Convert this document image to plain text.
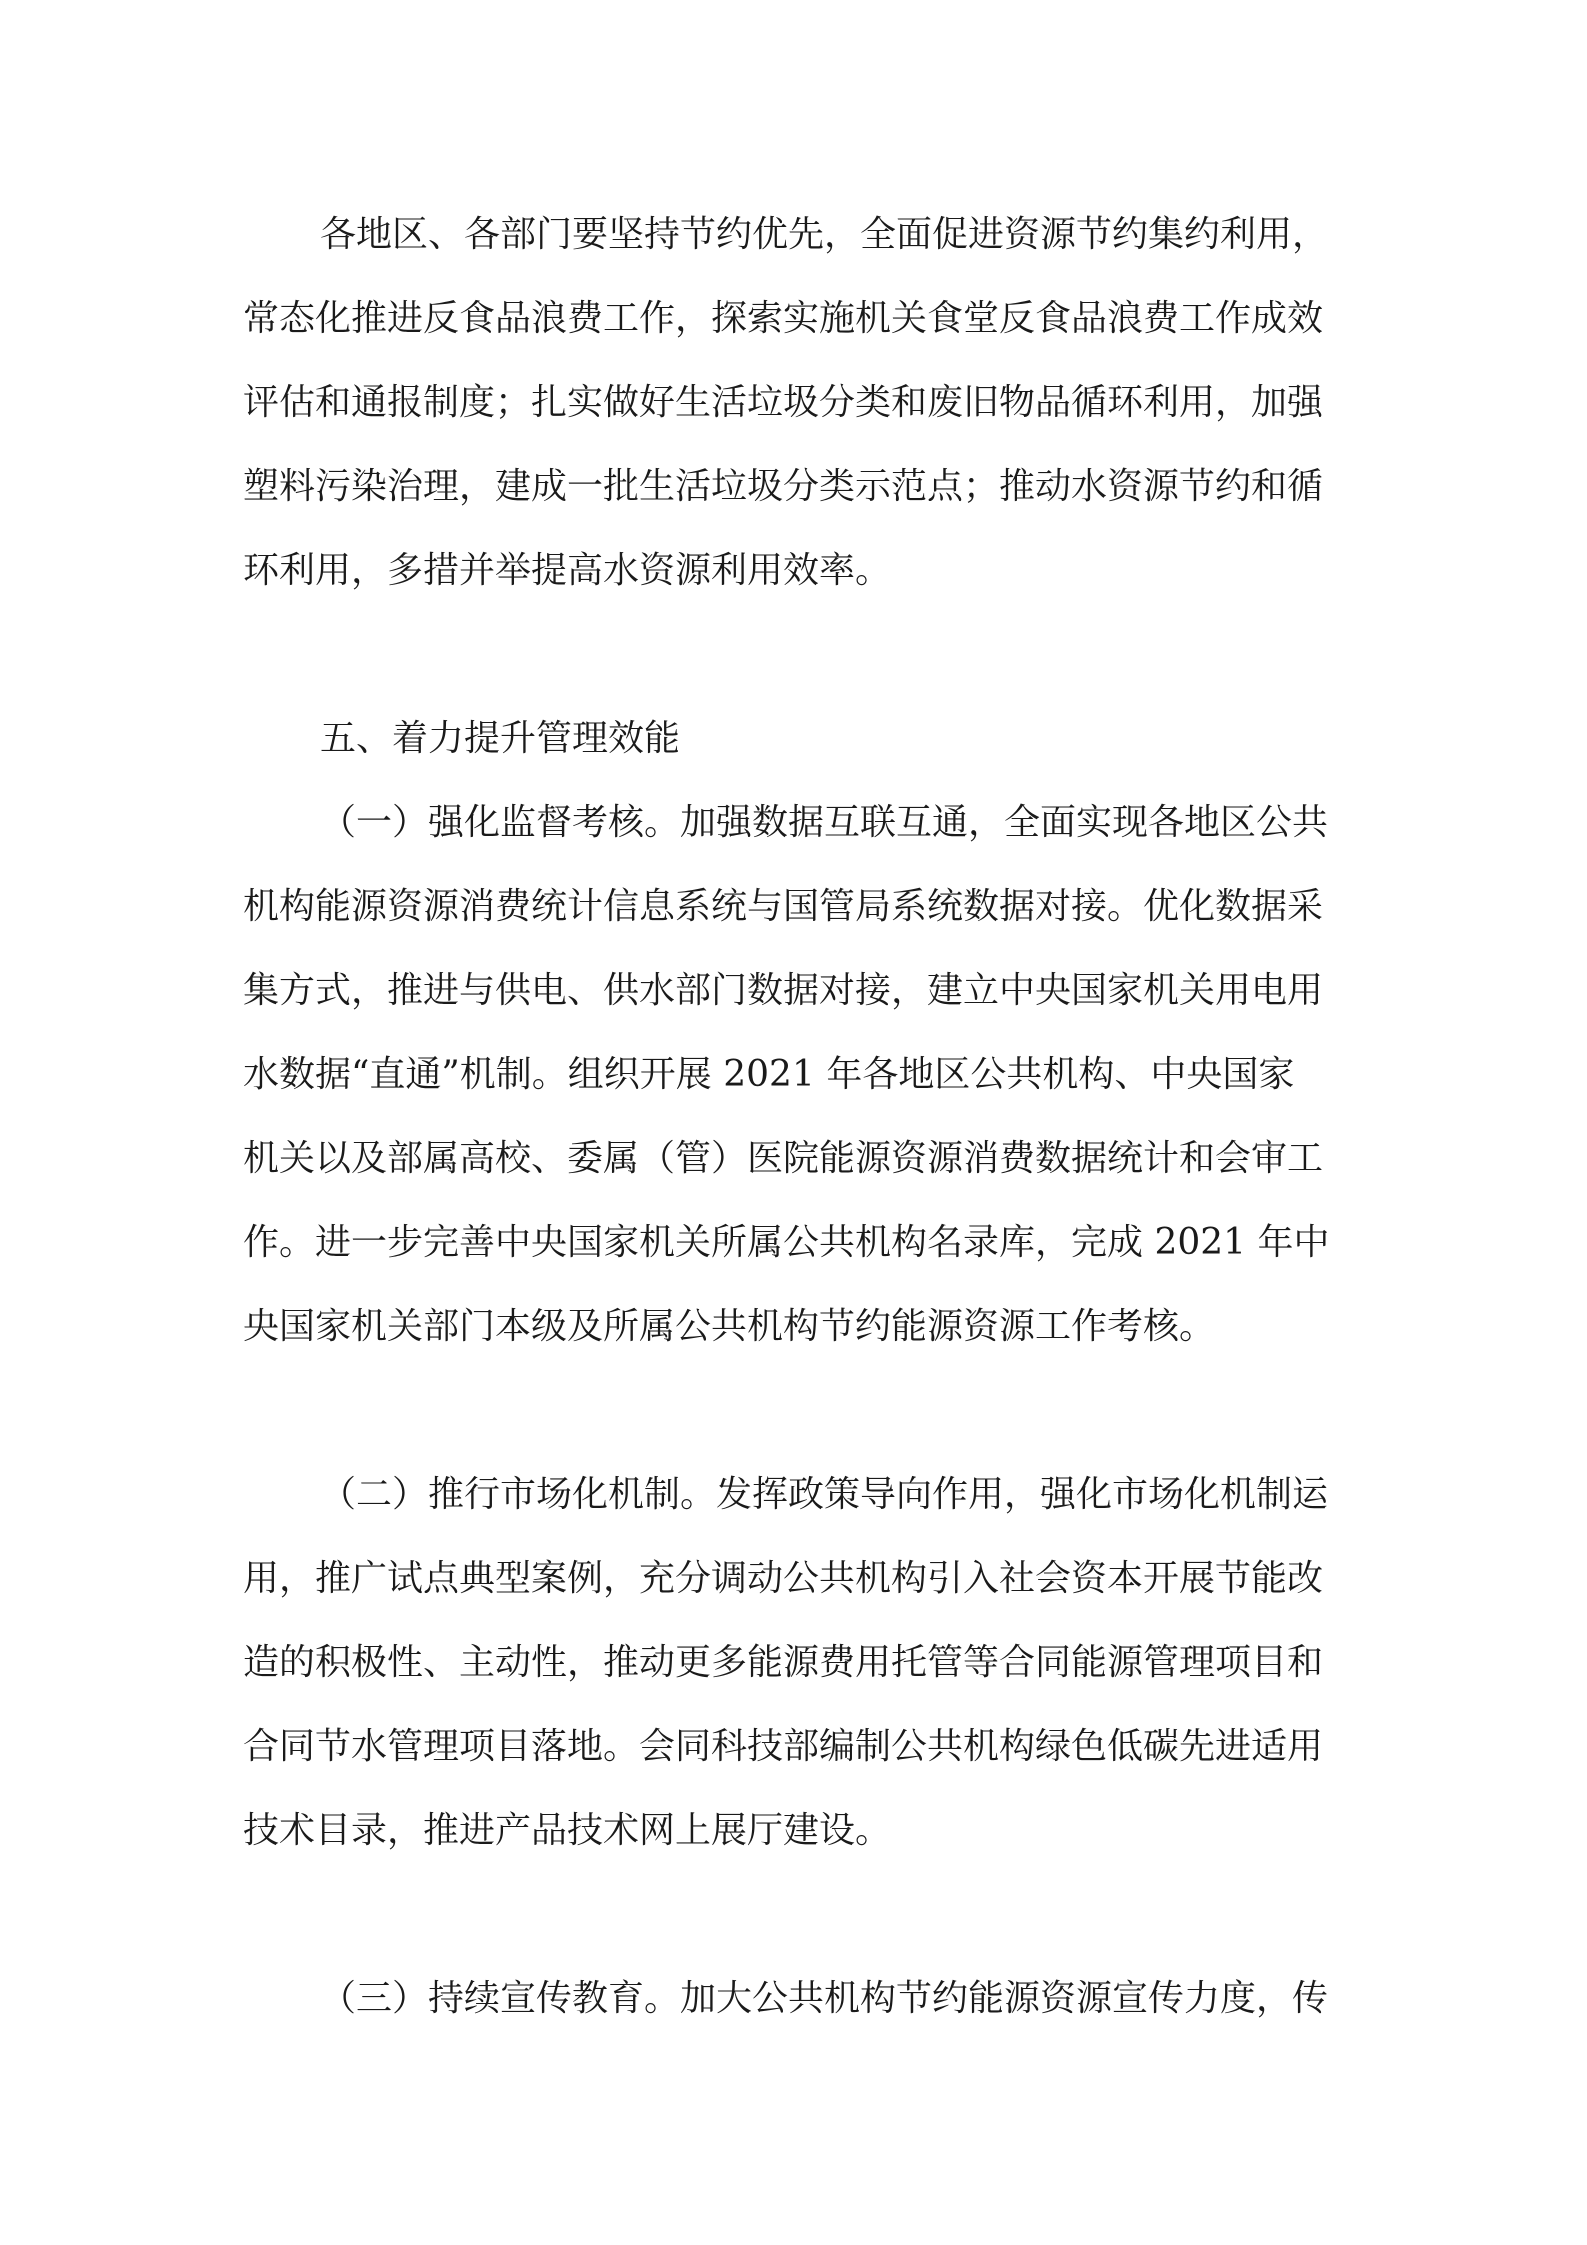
各地区、各部门要坚持节约优先，全面促进资源节约集约利用，

常态化推进反食品浪费工作，探索实施机关食堂反食品浪费工作成效

评估和通报制度；扎实做好生活垃圾分类和废旧物品循环利用，加强

塑料污染治理，建成一批生活垃圾分类示范点；推动水资源节约和循

环利用，多措并举提高水资源利用效率。

五、着力提升管理效能

（一）强化监督考核。加强数据互联互通，全面实现各地区公共

机构能源资源消费统计信息系统与国管局系统数据对接。优化数据采

集方式，推进与供电、供水部门数据对接，建立中央国家机关用电用

水数据“直通”机制。组织开展 2021 年各地区公共机构、中央国家

机关以及部属高校、委属（管）医院能源资源消费数据统计和会审工

作。进一步完善中央国家机关所属公共机构名录库，完成 2021 年中

央国家机关部门本级及所属公共机构节约能源资源工作考核。

（二）推行市场化机制。发挥政策导向作用，强化市场化机制运

用，推广试点典型案例，充分调动公共机构引入社会资本开展节能改

造的积极性、主动性，推动更多能源费用托管等合同能源管理项目和

合同节水管理项目落地。会同科技部编制公共机构绿色低碳先进适用

技术目录，推进产品技术网上展厅建设。

（三）持续宣传教育。加大公共机构节约能源资源宣传力度，传
